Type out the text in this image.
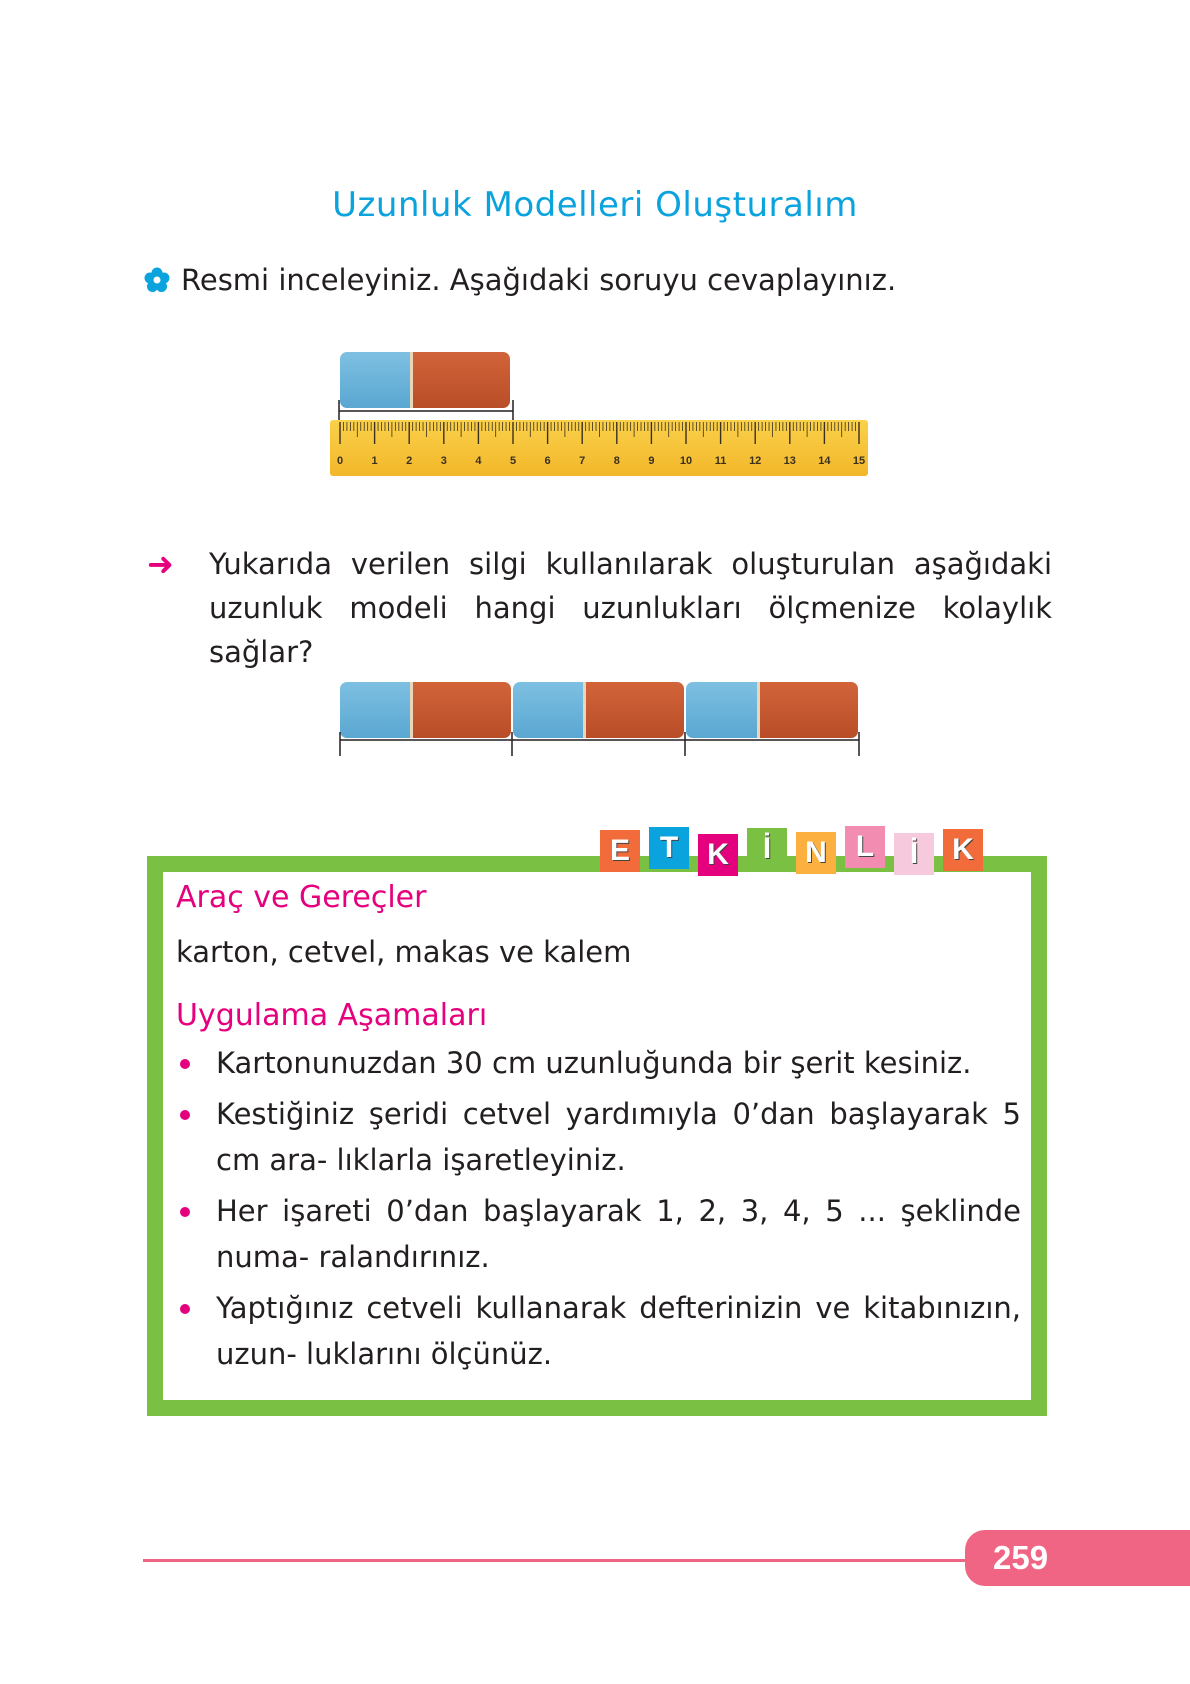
Uzunluk Modelleri Oluşturalım
Resmi inceleyiniz. Aşağıdaki soruyu cevaplayınız.
0	1	2	3	4	5	6	7	8	9 10 11 12 13 14 15
➜ Yukarıda verilen silgi kullanılarak oluşturulan aşağıdaki uzunluk modeli hangi uzunlukları ölçmenize kolaylık sağlar?
E T K	İ	N L	İ	K
Araç ve Gereçler
karton, cetvel, makas ve kalem
Uygulama Aşamaları
Kartonunuzdan 30 cm uzunluğunda bir şerit kesiniz.
Kestiğiniz şeridi cetvel yardımıyla 0’dan başlayarak 5 cm ara- lıklarla işaretleyiniz.
Her işareti 0’dan başlayarak 1, 2, 3, 4, 5 ... şeklinde numa- ralandırınız.
Yaptığınız cetveli kullanarak defterinizin ve kitabınızın, uzun- luklarını ölçünüz.
259
